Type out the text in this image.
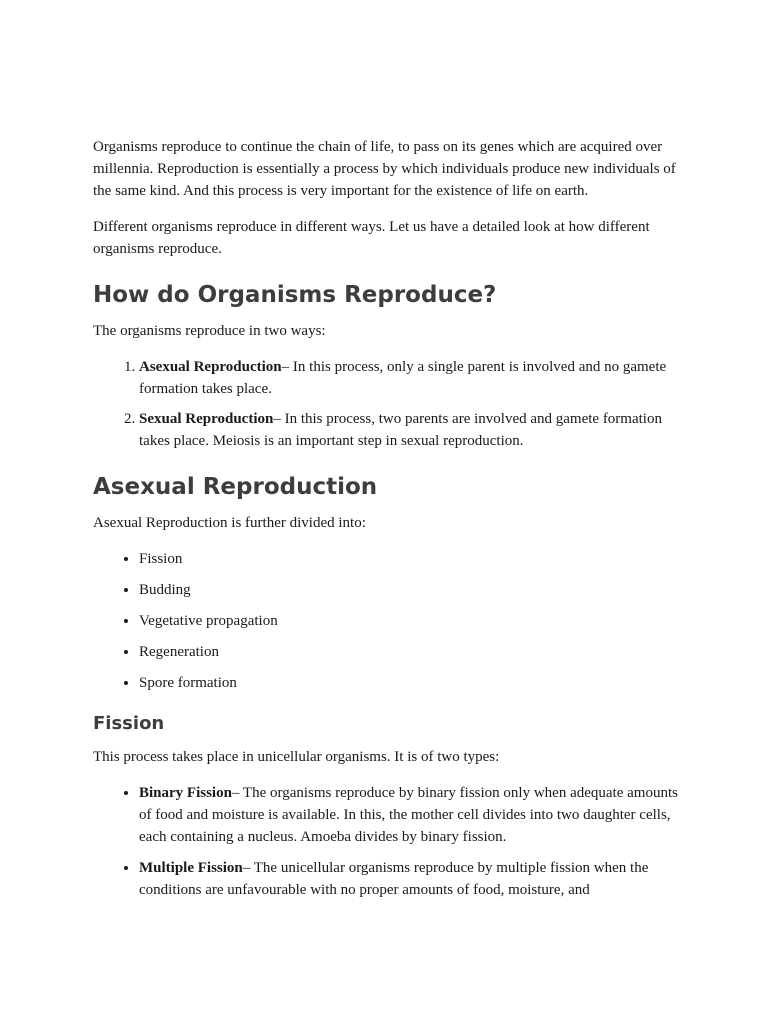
Organisms reproduce to continue the chain of life, to pass on its genes which are acquired over millennia. Reproduction is essentially a process by which individuals produce new individuals of the same kind. And this process is very important for the existence of life on earth.

Different organisms reproduce in different ways. Let us have a detailed look at how different organisms reproduce.

How do Organisms Reproduce?

The organisms reproduce in two ways:

1. Asexual Reproduction– In this process, only a single parent is involved and no gamete formation takes place.
2. Sexual Reproduction– In this process, two parents are involved and gamete formation takes place. Meiosis is an important step in sexual reproduction.
Asexual Reproduction

Asexual Reproduction is further divided into:

• Fission
• Budding
• Vegetative propagation
• Regeneration
• Spore formation
Fission

This process takes place in unicellular organisms. It is of two types:

• Binary Fission– The organisms reproduce by binary fission only when adequate amounts of food and moisture is available. In this, the mother cell divides into two daughter cells, each containing a nucleus. Amoeba divides by binary fission.
• Multiple Fission– The unicellular organisms reproduce by multiple fission when the conditions are unfavourable with no proper amounts of food, moisture, and
